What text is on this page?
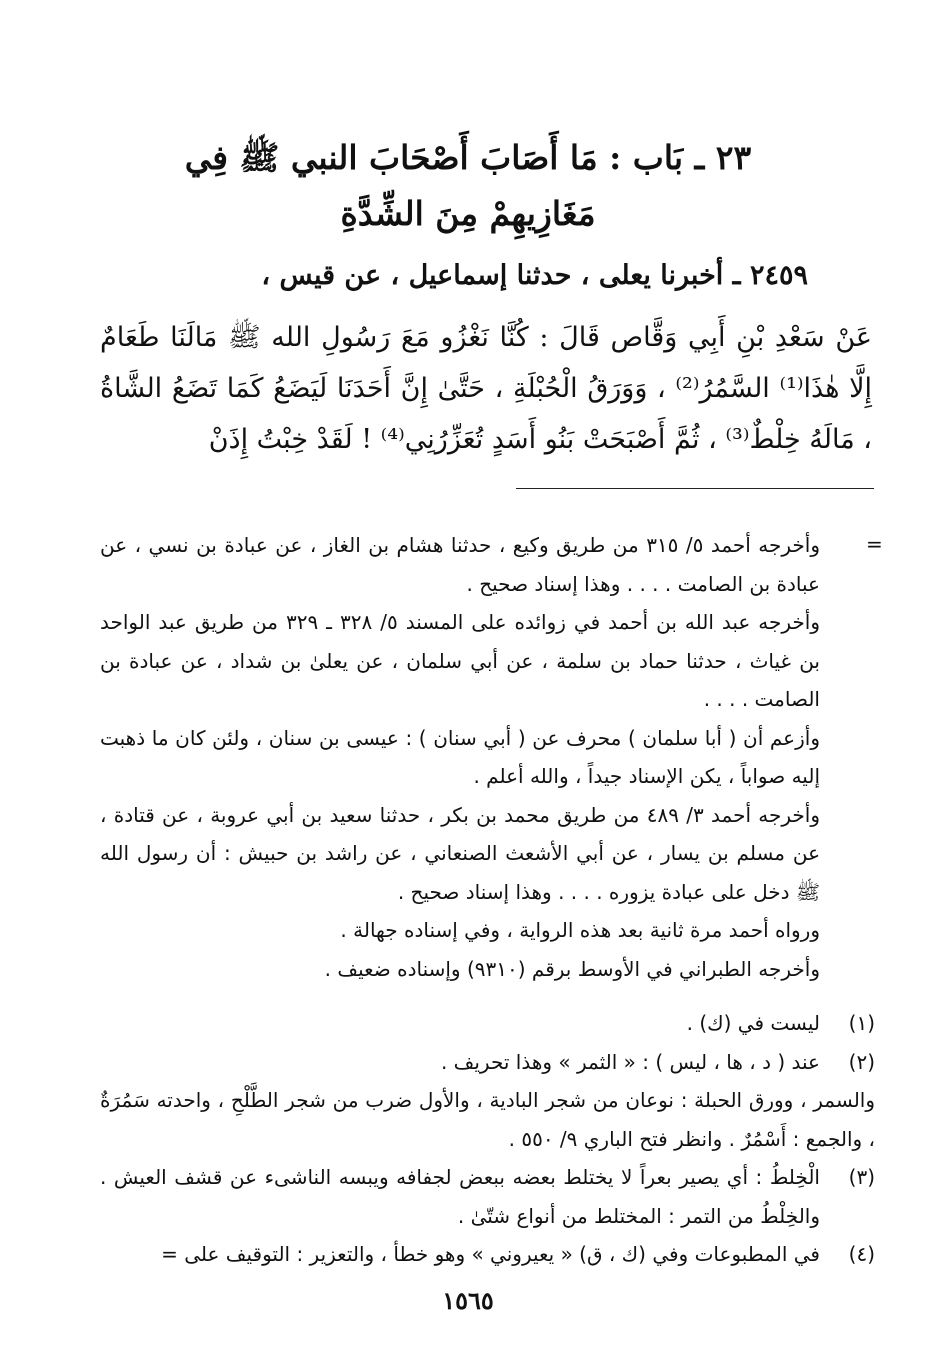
٢٣ ـ بَاب : مَا أَصَابَ أَصْحَابَ النبي ﷺ فِي
مَغَازِيهِمْ مِنَ الشِّدَّةِ
٢٤٥٩ ـ أخبرنا يعلى ، حدثنا إسماعيل ، عن قيس ،
عَنْ سَعْدِ بْنِ أَبِي وَقَّاص قَالَ : كُنَّا نَغْزُو مَعَ رَسُولِ الله ﷺ مَالَنَا طَعَامٌ إِلَّا هٰذَا⁽¹⁾ السَّمُرُ⁽²⁾ ، وَوَرَقُ الْحُبْلَةِ ، حَتَّىٰ إِنَّ أَحَدَنَا لَيَضَعُ كَمَا تَضَعُ الشَّاةُ ، مَالَهُ خِلْطٌ⁽³⁾ ، ثُمَّ أَصْبَحَتْ بَنُو أَسَدٍ تُعَزِّرُنِي⁽⁴⁾ ! لَقَدْ خِبْتُ إِذَنْ
=

وأخرجه أحمد ٥/ ٣١٥ من طريق وكيع ، حدثنا هشام بن الغاز ، عن عبادة بن نسي ، عن عبادة بن الصامت . . . . وهذا إسناد صحيح .

وأخرجه عبد الله بن أحمد في زوائده على المسند ٥/ ٣٢٨ ـ ٣٢٩ من طريق عبد الواحد بن غياث ، حدثنا حماد بن سلمة ، عن أبي سلمان ، عن يعلىٰ بن شداد ، عن عبادة بن الصامت . . . .

وأزعم أن ( أبا سلمان ) محرف عن ( أبي سنان ) : عيسى بن سنان ، ولئن كان ما ذهبت إليه صواباً ، يكن الإسناد جيداً ، والله أعلم .

وأخرجه أحمد ٣/ ٤٨٩ من طريق محمد بن بكر ، حدثنا سعيد بن أبي عروبة ، عن قتادة ، عن مسلم بن يسار ، عن أبي الأشعث الصنعاني ، عن راشد بن حبيش : أن رسول الله ﷺ دخل على عبادة يزوره . . . . وهذا إسناد صحيح .

ورواه أحمد مرة ثانية بعد هذه الرواية ، وفي إسناده جهالة .

وأخرجه الطبراني في الأوسط برقم (٩٣١٠) وإسناده ضعيف .

(١)
ليست في (ك) .
(٢)
عند ( د ، ها ، ليس ) : « الثمر » وهذا تحريف .
والسمر ، وورق الحبلة : نوعان من شجر البادية ، والأول ضرب من شجر الطَّلْحِ ، واحدته سَمُرَةٌ ، والجمع : أَسْمُرٌ . وانظر فتح الباري ٩/ ٥٥٠ .
(٣)
الْخِلطُ : أي يصير بعراً لا يختلط بعضه ببعض لجفافه ويبسه الناشىء عن قشف العيش . والخِلْطُ من التمر : المختلط من أنواع شتّىٰ .
(٤)
في المطبوعات وفي (ك ، ق) « يعيروني » وهو خطأ ، والتعزير : التوقيف على =
١٥٦٥
